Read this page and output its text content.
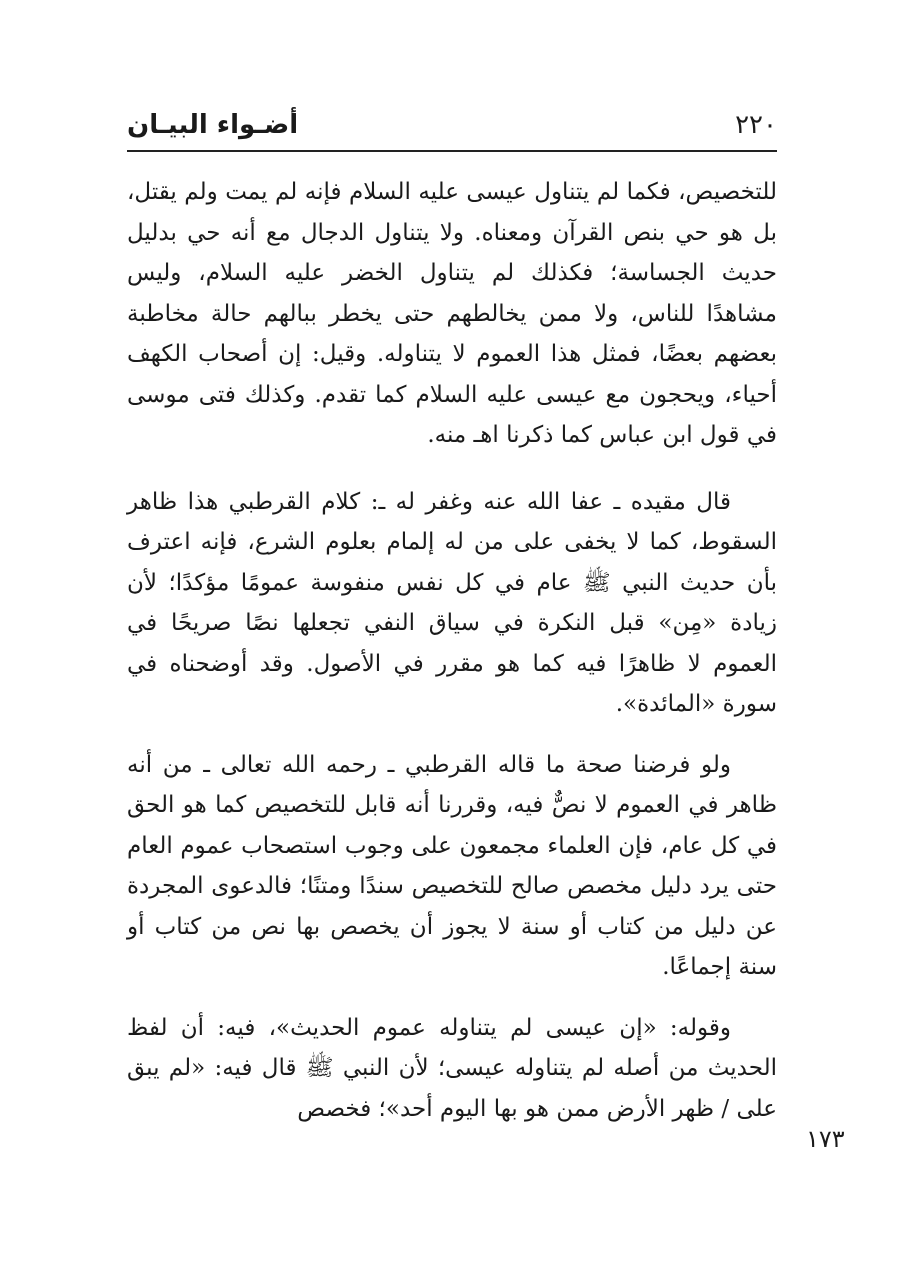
٢٢٠
أضـواء البيـان

للتخصيص، فكما لم يتناول عيسى عليه السلام فإنه لم يمت ولم يقتل، بل هو حي بنص القرآن ومعناه. ولا يتناول الدجال مع أنه حي بدليل حديث الجساسة؛ فكذلك لم يتناول الخضر عليه السلام، وليس مشاهدًا للناس، ولا ممن يخالطهم حتى يخطر ببالهم حالة مخاطبة بعضهم بعضًا، فمثل هذا العموم لا يتناوله. وقيل: إن أصحاب الكهف أحياء، ويحجون مع عيسى عليه السلام كما تقدم. وكذلك فتى موسى في قول ابن عباس كما ذكرنا اهـ منه.

قال مقيده ـ عفا الله عنه وغفر له ـ: كلام القرطبي هذا ظاهر السقوط، كما لا يخفى على من له إلمام بعلوم الشرع، فإنه اعترف بأن حديث النبي ﷺ عام في كل نفس منفوسة عمومًا مؤكدًا؛ لأن زيادة «مِن» قبل النكرة في سياق النفي تجعلها نصًا صريحًا في العموم لا ظاهرًا فيه كما هو مقرر في الأصول. وقد أوضحناه في سورة «المائدة».

ولو فرضنا صحة ما قاله القرطبي ـ رحمه الله تعالى ـ من أنه ظاهر في العموم لا نصٌّ فيه، وقررنا أنه قابل للتخصيص كما هو الحق في كل عام، فإن العلماء مجمعون على وجوب استصحاب عموم العام حتى يرد دليل مخصص صالح للتخصيص سندًا ومتنًا؛ فالدعوى المجردة عن دليل من كتاب أو سنة لا يجوز أن يخصص بها نص من كتاب أو سنة إجماعًا.

وقوله: «إن عيسى لم يتناوله عموم الحديث»، فيه: أن لفظ الحديث من أصله لم يتناوله عيسى؛ لأن النبي ﷺ قال فيه: «لم يبق على / ظهر الأرض ممن هو بها اليوم أحد»؛ فخصص

١٧٣
